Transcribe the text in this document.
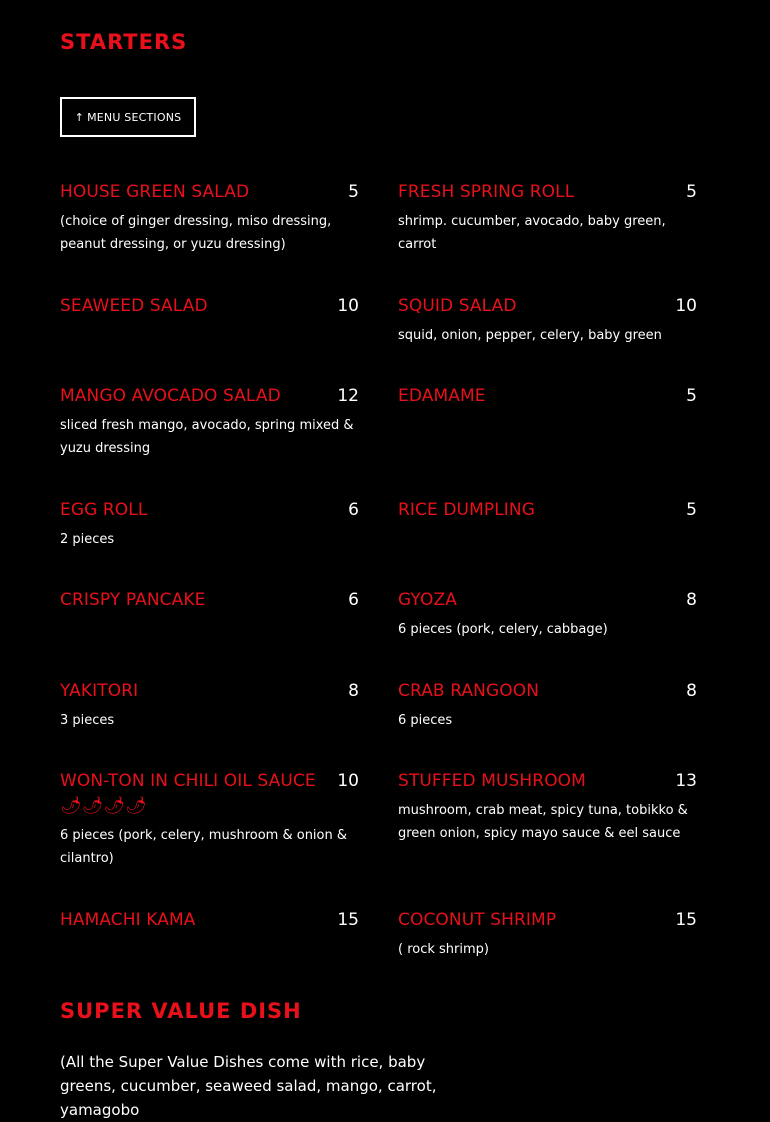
STARTERS
↑ MENU SECTIONS
HOUSE GREEN SALAD	5
(choice of ginger dressing, miso dressing, peanut dressing, or yuzu dressing)
SEAWEED SALAD	10
MANGO AVOCADO SALAD	12
sliced fresh mango, avocado, spring mixed & yuzu dressing
EGG ROLL	6
2 pieces
CRISPY PANCAKE	6
YAKITORI	8
3 pieces
WON-TON IN CHILI OIL SAUCE 🌶🌶🌶🌶
10
6 pieces (pork, celery, mushroom & onion & cilantro)
HAMACHI KAMA	15
FRESH SPRING ROLL	5
shrimp. cucumber, avocado, baby green, carrot
SQUID SALAD	10
squid, onion, pepper, celery, baby green
EDAMAME	5
RICE DUMPLING	5
GYOZA	8
6 pieces (pork, celery, cabbage)
CRAB RANGOON	8
6 pieces
STUFFED MUSHROOM	13
mushroom, crab meat, spicy tuna, tobikko & green onion, spicy mayo sauce & eel sauce
COCONUT SHRIMP	15
( rock shrimp)
SUPER VALUE DISH

(All the Super Value Dishes come with rice, baby greens, cucumber, seaweed salad, mango, carrot, yamagobo
